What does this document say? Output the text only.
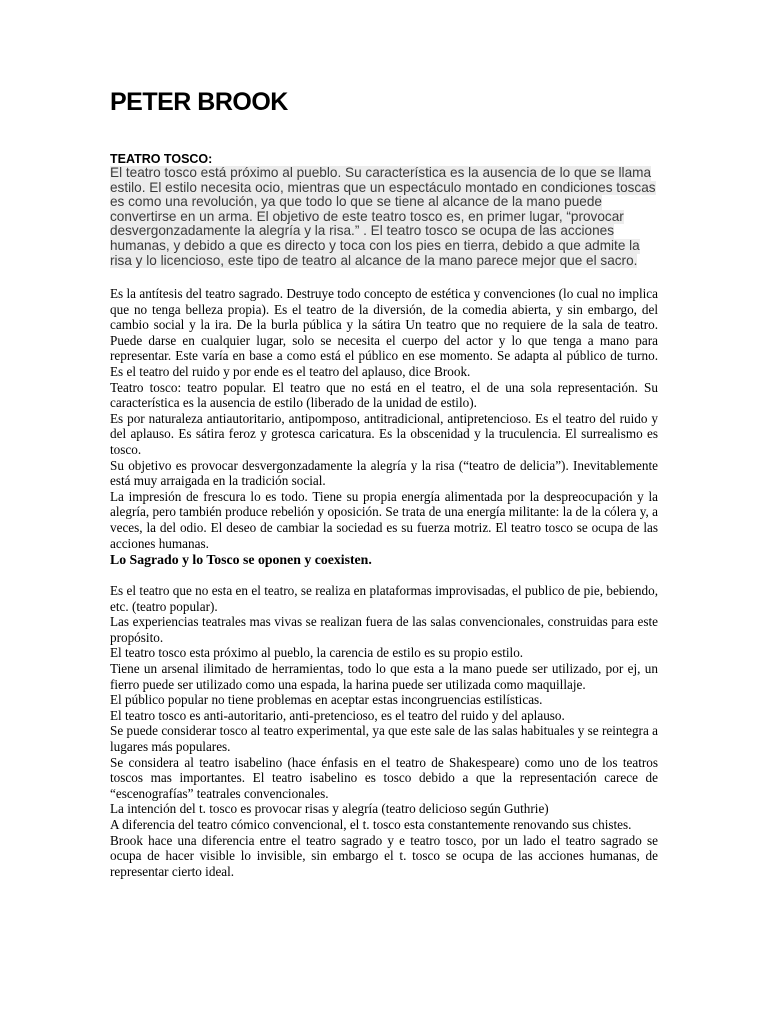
PETER BROOK
TEATRO TOSCO:
El teatro tosco está próximo al pueblo. Su característica es la ausencia de lo que se llama
estilo. El estilo necesita ocio, mientras que un espectáculo montado en condiciones toscas
es como una revolución, ya que todo lo que se tiene al alcance de la mano puede
convertirse en un arma. El objetivo de este teatro tosco es, en primer lugar, “provocar
desvergonzadamente la alegría y la risa.” . El teatro tosco se ocupa de las acciones
humanas, y debido a que es directo y toca con los pies en tierra, debido a que admite la
risa y lo licencioso, este tipo de teatro al alcance de la mano parece mejor que el sacro.

Es la antítesis del teatro sagrado. Destruye todo concepto de estética y convenciones (lo cual no implica que no tenga belleza propia). Es el teatro de la diversión, de la comedia abierta, y sin embargo, del cambio social y la ira. De la burla pública y la sátira Un teatro que no requiere de la sala de teatro. Puede darse en cualquier lugar, solo se necesita el cuerpo del actor y lo que tenga a mano para representar. Este varía en base a como está el público en ese momento. Se adapta al público de turno. Es el teatro del ruido y por ende es el teatro del aplauso, dice Brook.

Teatro tosco: teatro popular. El teatro que no está en el teatro, el de una sola representación. Su característica es la ausencia de estilo (liberado de la unidad de estilo).

Es por naturaleza antiautoritario, antipomposo, antitradicional, antipretencioso. Es el teatro del ruido y del aplauso. Es sátira feroz y grotesca caricatura. Es la obscenidad y la truculencia. El surrealismo es tosco.

Su objetivo es provocar desvergonzadamente la alegría y la risa (“teatro de delicia”). Inevitablemente está muy arraigada en la tradición social.

La impresión de frescura lo es todo. Tiene su propia energía alimentada por la despreocupación y la alegría, pero también produce rebelión y oposición. Se trata de una energía militante: la de la cólera y, a veces, la del odio. El deseo de cambiar la sociedad es su fuerza motriz. El teatro tosco se ocupa de las acciones humanas.

Lo Sagrado y lo Tosco se oponen y coexisten.

Es el teatro que no esta en el teatro, se realiza en plataformas improvisadas, el publico de pie, bebiendo, etc. (teatro popular).

Las experiencias teatrales mas vivas se realizan fuera de las salas convencionales, construidas para este propósito.

El teatro tosco esta próximo al pueblo, la carencia de estilo es su propio estilo.

Tiene un arsenal ilimitado de herramientas, todo lo que esta a la mano puede ser utilizado, por ej, un fierro puede ser utilizado como una espada, la harina puede ser utilizada como maquillaje.

El público popular no tiene problemas en aceptar estas incongruencias estilísticas.

El teatro tosco es anti-autoritario, anti-pretencioso, es el teatro del ruido y del aplauso.

Se puede considerar tosco al teatro experimental, ya que este sale de las salas habituales y se reintegra a lugares más populares.

Se considera al teatro isabelino (hace énfasis en el teatro de Shakespeare) como uno de los teatros toscos mas importantes. El teatro isabelino es tosco debido a que la representación carece de “escenografías” teatrales convencionales.

La intención del t. tosco es provocar risas y alegría (teatro delicioso según Guthrie)

A diferencia del teatro cómico convencional, el t. tosco esta constantemente renovando sus chistes.

Brook hace una diferencia entre el teatro sagrado y e teatro tosco, por un lado el teatro sagrado se ocupa de hacer visible lo invisible, sin embargo el t. tosco se ocupa de las acciones humanas, de representar cierto ideal.
